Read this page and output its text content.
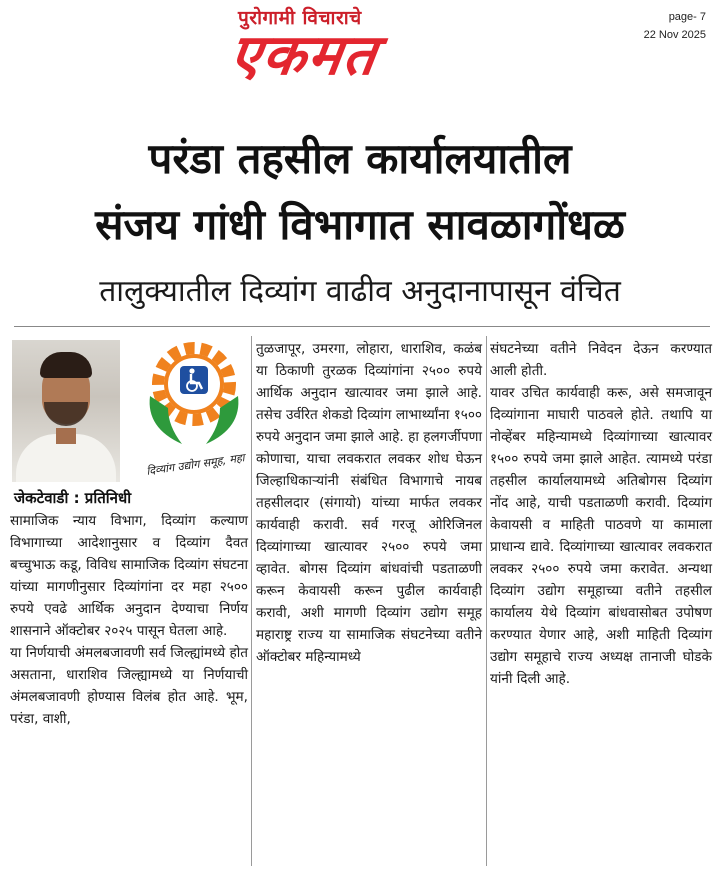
पुरोगामी विचाराचे
एकमत
page- 7
22 Nov 2025
परंडा तहसील कार्यालयातील
संजय गांधी विभागात सावळागोंधळ
तालुक्यातील दिव्यांग वाढीव अनुदानापासून वंचित
दिव्यांग उद्योग समूह, महा
जेकटेवाडी : प्रतिनिधी

सामाजिक न्याय विभाग, दिव्यांग कल्याण विभागाच्या आदेशानुसार व दिव्यांग दैवत बच्चुभाऊ कडू, विविध सामाजिक दिव्यांग संघटना यांच्या मागणीनुसार दिव्यांगांना दर महा २५०० रुपये एवढे आर्थिक अनुदान देण्याचा निर्णय शासनाने ऑक्टोबर २०२५ पासून घेतला आहे.

या निर्णयाची अंमलबजावणी सर्व जिल्ह्यांमध्ये होत असताना, धाराशिव जिल्ह्यामध्ये या निर्णयाची अंमलबजावणी होण्यास विलंब होत आहे. भूम, परंडा, वाशी,

तुळजापूर, उमरगा, लोहारा, धाराशिव, कळंब या ठिकाणी तुरळक दिव्यांगांना २५०० रुपये आर्थिक अनुदान खात्यावर जमा झाले आहे. तसेच उर्वरित शेकडो दिव्यांग लाभार्थ्यांना १५०० रुपये अनुदान जमा झाले आहे. हा हलगर्जीपणा कोणाचा, याचा लवकरात लवकर शोध घेऊन जिल्हाधिकाऱ्यांनी संबंधित विभागाचे नायब तहसीलदार (संगायो) यांच्या मार्फत लवकर कार्यवाही करावी. सर्व गरजू ओरिजिनल दिव्यांगाच्या खात्यावर २५०० रुपये जमा व्हावेत. बोगस दिव्यांग बांधवांची पडताळणी करून केवायसी करून पुढील कार्यवाही करावी, अशी मागणी दिव्यांग उद्योग समूह महाराष्ट्र राज्य या सामाजिक संघटनेच्या वतीने ऑक्टोबर महिन्यामध्ये

संघटनेच्या वतीने निवेदन देऊन करण्यात आली होती.

यावर उचित कार्यवाही करू, असे समजावून दिव्यांगाना माघारी पाठवले होते. तथापि या नोव्हेंबर महिन्यामध्ये दिव्यांगाच्या खात्यावर १५०० रुपये जमा झाले आहेत. त्यामध्ये परंडा तहसील कार्यालयामध्ये अतिबोगस दिव्यांग नोंद आहे, याची पडताळणी करावी. दिव्यांग केवायसी व माहिती पाठवणे या कामाला प्राधान्य द्यावे. दिव्यांगाच्या खात्यावर लवकरात लवकर २५०० रुपये जमा करावेत. अन्यथा दिव्यांग उद्योग समूहाच्या वतीने तहसील कार्यालय येथे दिव्यांग बांधवासोबत उपोषण करण्यात येणार आहे, अशी माहिती दिव्यांग उद्योग समूहाचे राज्य अध्यक्ष तानाजी घोडके यांनी दिली आहे.
